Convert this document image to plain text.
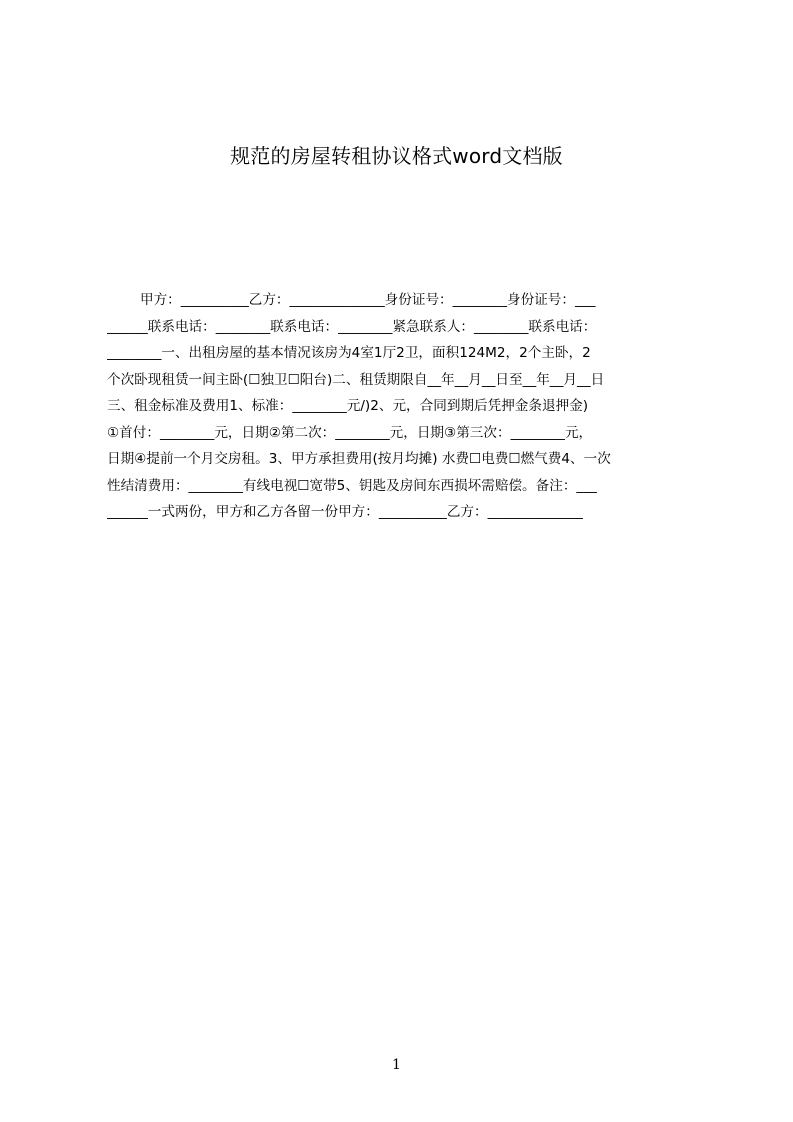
规范的房屋转租协议格式word文档版
甲方：__________乙方：______________身份证号：________身份证号：___
______联系电话：________联系电话：________紧急联系人：________联系电话：
________一、出租房屋的基本情况该房为4室1厅2卫，面积124M2，2个主卧，2
个次卧现租赁一间主卧(☐独卫☐阳台)二、租赁期限自__年__月__日至__年__月__日
三、租金标准及费用1、标准：________元/)2、元，合同到期后凭押金条退押金)
①首付：________元，日期②第二次：________元，日期③第三次：________元，
日期④提前一个月交房租。3、甲方承担费用(按月均摊) 水费☐电费☐燃气费4、一次
性结清费用：________有线电视☐宽带5、钥匙及房间东西损坏需赔偿。备注：___
______一式两份，甲方和乙方各留一份甲方：__________乙方：______________
1
